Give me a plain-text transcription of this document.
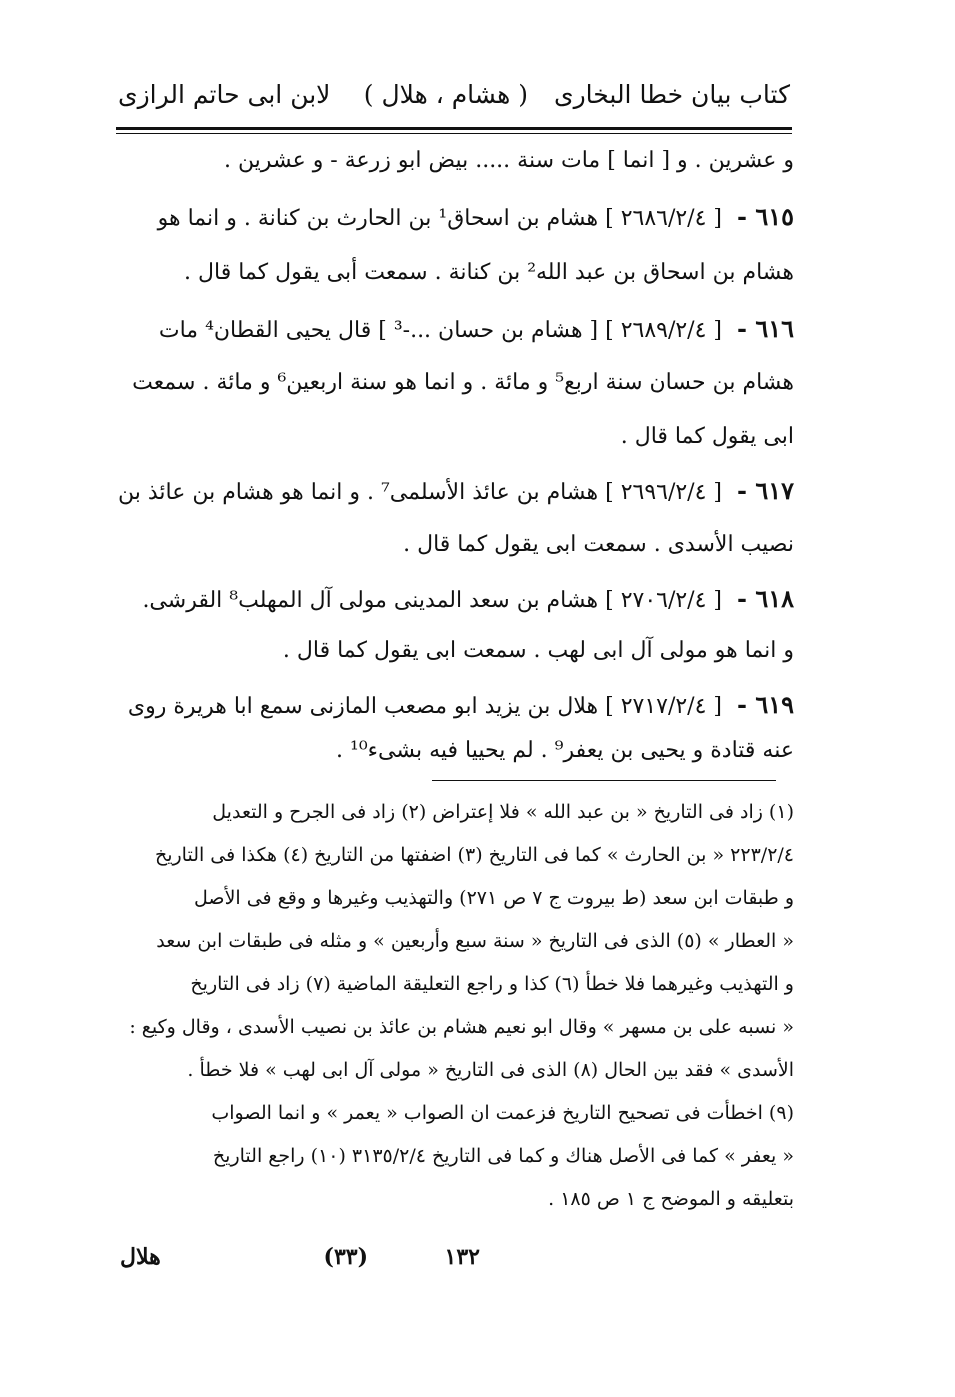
كتاب بيان خطا البخارى
( هشام ، هلال )
لابن ابى حاتم الرازى
و عشرين . و [ انما ] مات سنة ..... بيض ابو زرعة - و عشرين .
٦١٥ - [ ٢٦٨٦/٢/٤ ] هشام بن اسحاق¹ بن الحارث بن كنانة . و انما هو
هشام بن اسحاق بن عبد الله² بن كنانة . سمعت أبى يقول كما قال .
٦١٦ - [ ٢٦٨٩/٢/٤ ] [ هشام بن حسان ...-³ ] قال يحيى القطان⁴ مات
هشام بن حسان سنة اربع⁵ و مائة . و انما هو سنة اربعين⁶ و مائة . سمعت
ابى يقول كما قال .
٦١٧ - [ ٢٦٩٦/٢/٤ ] هشام بن عائذ الأسلمى⁷ . و انما هو هشام بن عائذ بن
نصيب الأسدى . سمعت ابى يقول كما قال .
٦١٨ - [ ٢٧٠٦/٢/٤ ] هشام بن سعد المدينى مولى آل المهلب⁸ القرشى.
و انما هو مولى آل ابى لهب . سمعت ابى يقول كما قال .
٦١٩ - [ ٢٧١٧/٢/٤ ] هلال بن يزيد ابو مصعب المازنى سمع ابا هريرة روى
عنه قتادة و يحيى بن يعفر⁹ . لم يحييا فيه بشىء¹⁰ .
(١) زاد فى التاريخ « بن عبد الله » فلا إعتراض (٢) زاد فى الجرح و التعديل
٢٢٣/٢/٤ « بن الحارث » كما فى التاريخ (٣) اضفتها من التاريخ (٤) هكذا فى التاريخ
و طبقات ابن سعد (ط بيروت ج ٧ ص ٢٧١) والتهذيب وغيرها و وقع فى الأصل
« العطار » (٥) الذى فى التاريخ « سنة سبع وأربعين » و مثله فى طبقات ابن سعد
و التهذيب وغيرهما فلا خطأ (٦) كذا و راجع التعليقة الماضية (٧) زاد فى التاريخ
« نسبه على بن مسهر » وقال ابو نعيم هشام بن عائذ بن نصيب الأسدى ، وقال وكيع :
الأسدى » فقد بين الحال (٨) الذى فى التاريخ « مولى آل ابى لهب » فلا خطأ .
(٩) اخطأت فى تصحيح التاريخ فزعمت ان الصواب « يعمر » و انما الصواب
« يعفر » كما فى الأصل هناك و كما فى التاريخ ٣١٣٥/٢/٤ (١٠) راجع التاريخ
بتعليقه و الموضح ج ١ ص ١٨٥ .
١٣٢
(٣٣)
هلال
